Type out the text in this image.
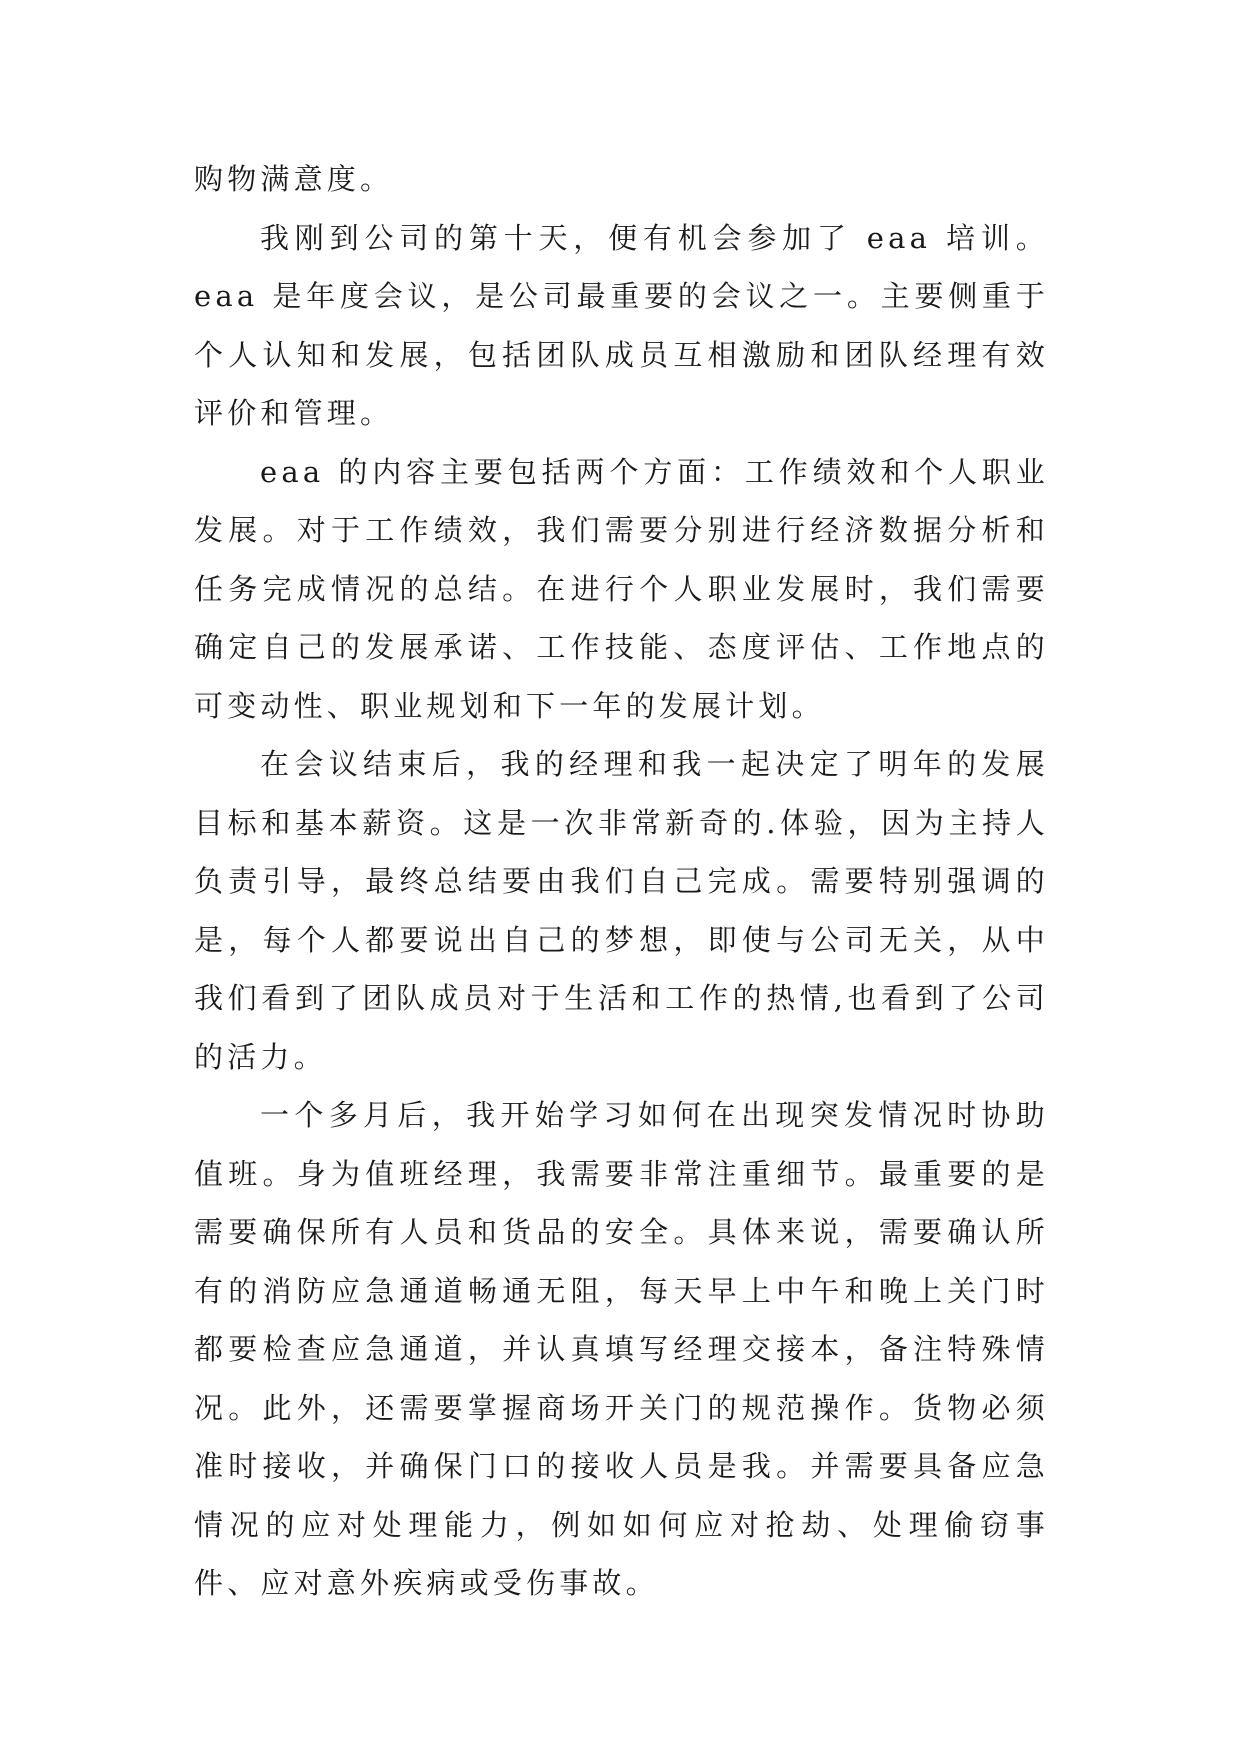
购物满意度。

我刚到公司的第十天，便有机会参加了 eaa 培训。eaa 是年度会议，是公司最重要的会议之一。主要侧重于个人认知和发展，包括团队成员互相激励和团队经理有效评价和管理。

eaa 的内容主要包括两个方面：工作绩效和个人职业发展。对于工作绩效，我们需要分别进行经济数据分析和任务完成情况的总结。在进行个人职业发展时，我们需要确定自己的发展承诺、工作技能、态度评估、工作地点的可变动性、职业规划和下一年的发展计划。

在会议结束后，我的经理和我一起决定了明年的发展目标和基本薪资。这是一次非常新奇的.体验，因为主持人负责引导，最终总结要由我们自己完成。需要特别强调的是，每个人都要说出自己的梦想，即使与公司无关，从中我们看到了团队成员对于生活和工作的热情,也看到了公司的活力。

一个多月后，我开始学习如何在出现突发情况时协助值班。身为值班经理，我需要非常注重细节。最重要的是需要确保所有人员和货品的安全。具体来说，需要确认所有的消防应急通道畅通无阻，每天早上中午和晚上关门时都要检查应急通道，并认真填写经理交接本，备注特殊情况。此外，还需要掌握商场开关门的规范操作。货物必须准时接收，并确保门口的接收人员是我。并需要具备应急情况的应对处理能力，例如如何应对抢劫、处理偷窃事件、应对意外疾病或受伤事故。
